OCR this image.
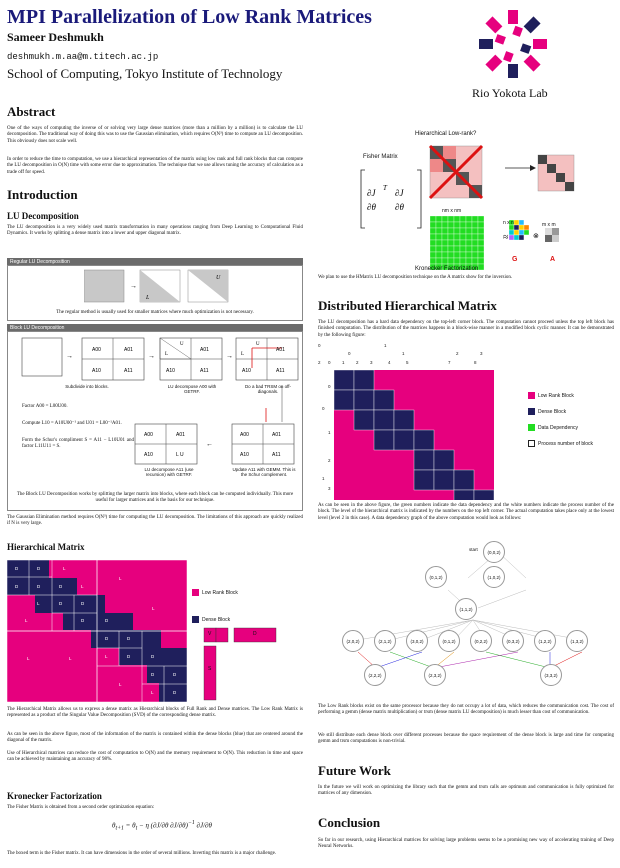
MPI Parallelization of Low Rank Matrices
Sameer Deshmukh
deshmukh.m.aa@m.titech.ac.jp
School of Computing, Tokyo Institute of Technology
Rio Yokota Lab
Abstract

One of the ways of computing the inverse of or solving very large dense matrices (more than a million by a million) is to calculate the LU decomposition. The traditional way of doing this was to use the Gaussian elimination, which requires O(N³) time to compute an LU decomposition. This obviously does not scale well.

In order to reduce the time to computation, we use a hierarchical representation of the matrix using low rank and full rank blocks that can compute the LU decomposition in O(N) time with some error due to approximation. The technique that we use allows tuning the accuracy of calculation as a trade off for speed.

Introduction
LU Decomposition

The LU decomposition is a very widely used matrix transformation in many operations ranging from Deep Learning to Computational Fluid Dynamics. It works by splitting a dense matrix into a lower and upper diagonal matrix.

Regular LU Decomposition
→
L
U
The regular method is usually used for smaller matrices where much optimization is not necessary.
Block LU Decomposition
→
A00	A01
A10	A11
→ L
U
A01
A10	A11
→ L
U
A01
A10	A11
A00	A01
A10	L U
←
A00	A01
A10	A11
Subdivide into blocks.	LU decompose A00 with GETRF.
Do a bad TRSM on off-diagonals.
LU decompose A11 (use recursion) with GETRF.
Update A11 with GEMM. This is the Schur complement.
Factor A00 = L00U00.
Compute L10 = A10U00⁻¹ and U01 = L00⁻¹A01.
Form the Schur's compliment S = A11 − L10U01 and factor L11U11 = S.
The Block LU Decomposition works by splitting the larger matrix into blocks, where each block can be computed individually. This more useful for larger matrices and is the basis for our technique.

The Gaussian Elimination method requires O(N³) time for computing the LU decomposition. The limitations of this approach are quickly realized if N is very large.

Hierarchical Matrix
D	D	L
L
D	D	D	L
L	D	D
L	D	D
L
L	L
D	D
L	D	D
L
D	D
L	D
Low Rank Block
Dense Block
V	D
S

The Hierarchical Matrix allows us to express a dense matrix as Hierarchical blocks of Full Rank and Dense matrices. The Low Rank Matrix is represented as a product of the Singular Value Decomposition (SVD) of the corresponding dense matrix.

As can be seen in the above figure, most of the information of the matrix is contained within the dense blocks (blue) that are centered around the diagonal of the matrix.

Use of Hierarchical matrices can reduce the cost of computation to O(N) and the memory requirement to O(N). This reduction in time and space can be achieved by maintaining an accuracy of 98%.

Kronecker Factorization

The Fisher Matrix is obtained from a second order optimization equation:

$\theta_{t+1} = \theta_t - \eta$ (∂J/∂θ ∂J/∂θ)$^{-1}$ ∂J/∂θ

The boxed term is the Fisher matrix. It can have dimensions in the order of several millions. Inverting this matrix is a major challenge.

Hierarchical Low-rank?
Fisher Matrix
∂J
∂θ
T ∂J
∂θ
⊗
≈
nm x nm
n x n	m x m
G	A
Kronecker Factorization

We plan to use the HMatrix LU decomposition technique on the A matrix show for the inversion.

Distributed Hierarchical Matrix

The LU decomposition has a hard data dependency on the top-left corner block. The computation cannot proceed unless the top left block has finished computation. The distribution of the matrices happens in a block-wise manner in a modified block cyclic manner. It can be demonstrated by the following figure:

0	1
0	1	2	3
2 0	1	2	3	4	5	7	8
0
1
0
1
2
3
Low Rank Block
Dense Block
Data Dependency
Process number of block

As can be seen in the above figure, the green numbers indicate the data dependency and the white numbers indicate the process number of the block. The level of the hierarchical matrix is indicated by the numbers on the top left corner. The actual computation takes place only at the lowest level (level 2 in this case). A data dependency graph of the above computation would look as follows:

start	(0,0,2)
(0,1,2)	(1,0,2)
(1,1,2)
(2,0,2)	(2,1,2)	(3,0,2)	(0,1,2)	(0,2,2)	(0,3,2)	(1,2,2)	(1,3,2)
(2,2,2)	(2,3,2)	(3,3,2)

The Low Rank blocks exist on the same processor because they do not occupy a lot of data, which reduces the communication cost. The cost of performing a gemm (dense matrix multiplication) or trsm (dense matrix LU decomposition) is much lesser than cost of communication.

We still distribute each dense block over different processes because the space requirement of the dense block is large and time for computing gemm and trsm computations is non-trivial.

Future Work

In the future we will work on optimizing the library such that the gemm and trsm calls are optimum and communication is fully optimized for matrices of any dimension.

Conclusion

So far in our research, using Hierarchical matrices for solving large problems seems to be a promising new way of accelerating training of Deep Neural Networks.
